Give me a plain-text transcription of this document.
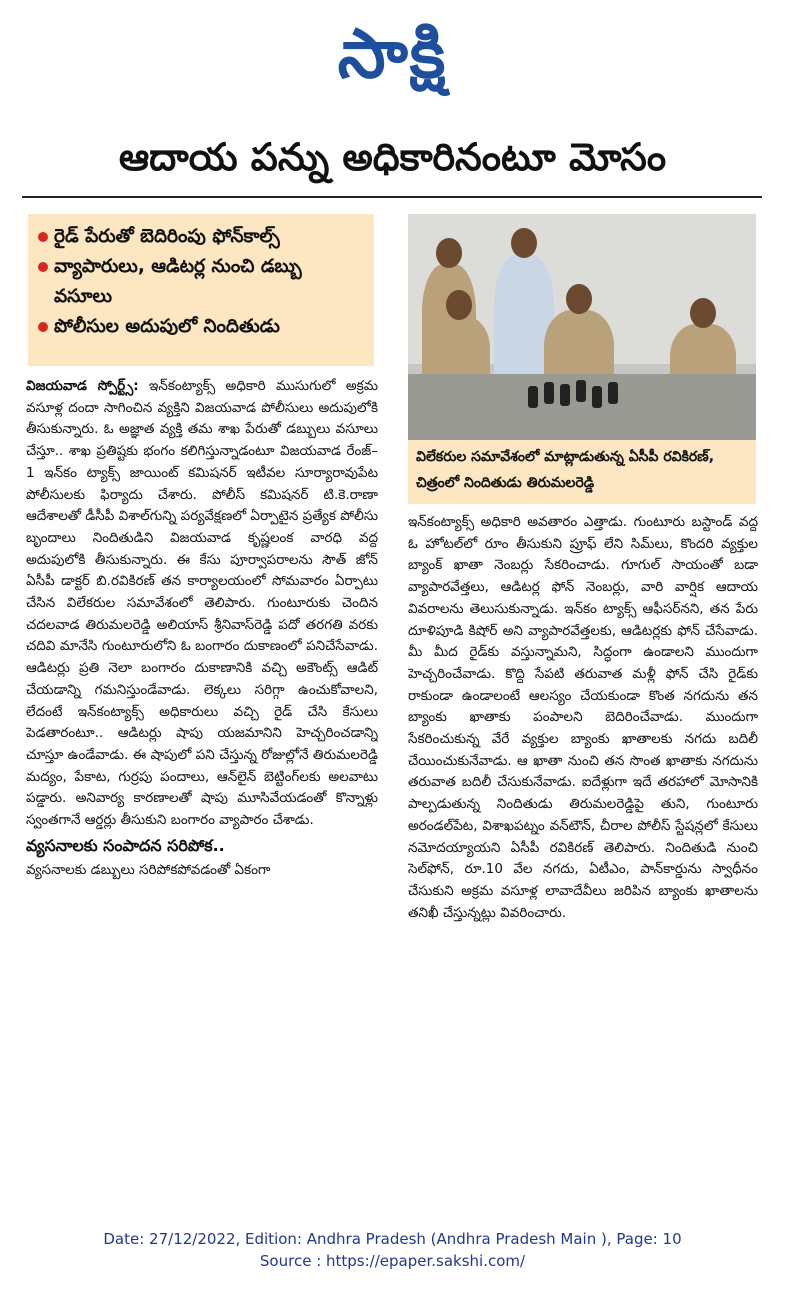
సాక్షి
ఆదాయ పన్ను అధికారినంటూ మోసం
రైడ్ పేరుతో బెదిరింపు ఫోన్‌కాల్స్
వ్యాపారులు, ఆడిటర్ల నుంచి డబ్బు వసూలు
పోలీసుల అదుపులో నిందితుడు
విజయవాడ స్పోర్ట్స్: ఇన్‌కంట్యాక్స్ అధికారి ముసుగులో అక్రమ వసూళ్ల దందా సాగించిన వ్యక్తిని విజయవాడ పోలీసులు అదుపులోకి తీసుకున్నారు. ఓ అజ్ఞాత వ్యక్తి తమ శాఖ పేరుతో డబ్బులు వసూలు చేస్తూ.. శాఖ ప్రతిష్టకు భంగం కలిగిస్తున్నాడంటూ విజయవాడ రేంజ్–1 ఇన్‌కం ట్యాక్స్ జాయింట్ కమిషనర్ ఇటీవల సూర్యారావుపేట పోలీసులకు ఫిర్యాదు చేశారు. పోలీస్ కమిషనర్ టి.కె.రాణా ఆదేశాలతో డీసీపీ విశాల్‌గున్ని పర్యవేక్షణలో ఏర్పాటైన ప్రత్యేక పోలీసు బృందాలు నిందితుడిని విజయవాడ కృష్ణలంక వారధి వద్ద అదుపులోకి తీసుకున్నారు. ఈ కేసు పూర్వాపరాలను సౌత్ జోన్ ఏసీపీ డాక్టర్ బి.రవికిరణ్ తన కార్యాలయంలో సోమవారం ఏర్పాటు చేసిన విలేకరుల సమావేశంలో తెలిపారు. గుంటూరుకు చెందిన చదలవాడ తిరుమలరెడ్డి అలియాస్ శ్రీనివాస్‌రెడ్డి పదో తరగతి వరకు చదివి మానేసి గుంటూరులోని ఓ బంగారం దుకాణంలో పనిచేసేవాడు. ఆడిటర్లు ప్రతి నెలా బంగారం దుకాణానికి వచ్చి అకౌంట్స్ ఆడిట్ చేయడాన్ని గమనిస్తుండేవాడు. లెక్కలు సరిగ్గా ఉంచుకోవాలని, లేదంటే ఇన్‌కంట్యాక్స్ అధికారులు వచ్చి రైడ్ చేసి కేసులు పెడతారంటూ.. ఆడిటర్లు షాపు యజమానిని హెచ్చరించడాన్ని చూస్తూ ఉండేవాడు. ఈ షాపులో పని చేస్తున్న రోజుల్లోనే తిరుమలరెడ్డి మద్యం, పేకాట, గుర్రపు పందాలు, ఆన్‌లైన్ బెట్టింగ్‌లకు అలవాటు పడ్డారు. అనివార్య కారణాలతో షాపు మూసివేయడంతో కొన్నాళ్లు స్వంతగానే ఆర్డర్లు తీసుకుని బంగారం వ్యాపారం చేశాడు.
వ్యసనాలకు సంపాదన సరిపోక..
వ్యసనాలకు డబ్బులు సరిపోకపోవడంతో ఏకంగా
విలేకరుల సమావేశంలో మాట్లాడుతున్న ఏసీపీ రవికిరణ్, చిత్రంలో నిందితుడు తిరుమలరెడ్డి
ఇన్‌కంట్యాక్స్ అధికారి అవతారం ఎత్తాడు. గుంటూరు బస్టాండ్ వద్ద ఓ హోటల్‌లో రూం తీసుకుని ప్రూఫ్ లేని సిమ్‌లు, కొందరి వ్యక్తుల బ్యాంక్ ఖాతా నెంబర్లు సేకరించాడు. గూగుల్ సాయంతో బడా వ్యాపారవేత్తలు, ఆడిటర్ల ఫోన్ నెంబర్లు, వారి వార్షిక ఆదాయ వివరాలను తెలుసుకున్నాడు. ఇన్‌కం ట్యాక్స్ ఆఫీసర్‌నని, తన పేరు దూళిపూడి కిషోర్ అని వ్యాపారవేత్తలకు, ఆడిటర్లకు ఫోన్ చేసేవాడు. మీ మీద రైడ్‌కు వస్తున్నామని, సిద్ధంగా ఉండాలని ముందుగా హెచ్చరించేవాడు. కొద్ది సేపటి తరువాత మళ్లీ ఫోన్ చేసి రైడ్‌కు రాకుండా ఉండాలంటే ఆలస్యం చేయకుండా కొంత నగదును తన బ్యాంకు ఖాతాకు పంపాలని బెదిరించేవాడు. ముందుగా సేకరించుకున్న వేరే వ్యక్తుల బ్యాంకు ఖాతాలకు నగదు బదిలీ చేయించుకునేవాడు. ఆ ఖాతా నుంచి తన సొంత ఖాతాకు నగదును తరువాత బదిలీ చేసుకునేవాడు. ఐదేళ్లుగా ఇదే తరహాలో మోసానికి పాల్పడుతున్న నిందితుడు తిరుమలరెడ్డిపై తుని, గుంటూరు అరండల్‌పేట, విశాఖపట్నం వన్‌టౌన్, చీరాల పోలీస్ స్టేషన్లలో కేసులు నమోదయ్యాయని ఏసీపీ రవికిరణ్ తెలిపారు. నిందితుడి నుంచి సెల్‌ఫోన్, రూ.10 వేల నగదు, ఏటీఎం, పాన్‌కార్డును స్వాధీనం చేసుకుని అక్రమ వసూళ్ల లావాదేవీలు జరిపిన బ్యాంకు ఖాతాలను తనిఖీ చేస్తున్నట్లు వివరించారు.
Date: 27/12/2022, Edition: Andhra Pradesh (Andhra Pradesh Main ), Page: 10
Source : https://epaper.sakshi.com/
